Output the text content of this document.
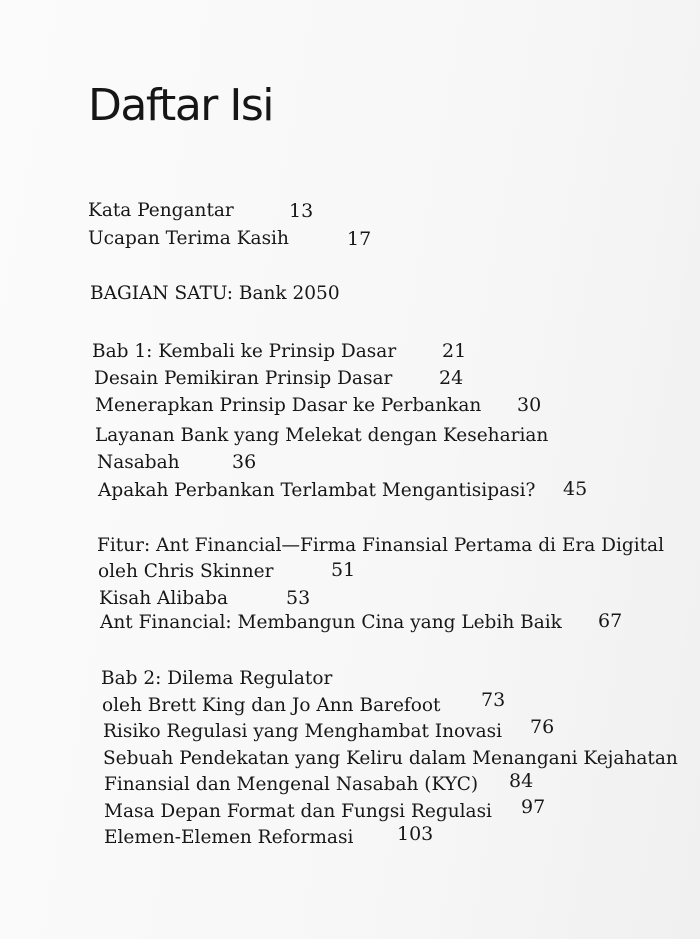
Daftar Isi
Kata Pengantar	13
Ucapan Terima Kasih	17
BAGIAN SATU: Bank 2050
Bab 1: Kembali ke Prinsip Dasar 21
Desain Pemikiran Prinsip Dasar 24
Menerapkan Prinsip Dasar ke Perbankan 30
Layanan Bank yang Melekat dengan Keseharian
Nasabah	36
Apakah Perbankan Terlambat Mengantisipasi? 45
Fitur: Ant Financial—Firma Finansial Pertama di Era Digital
oleh Chris Skinner	51
Kisah Alibaba	53
Ant Financial: Membangun Cina yang Lebih Baik 67
Bab 2: Dilema Regulator
oleh Brett King dan Jo Ann Barefoot 73
Risiko Regulasi yang Menghambat Inovasi 76
Sebuah Pendekatan yang Keliru dalam Menangani Kejahatan
Finansial dan Mengenal Nasabah (KYC) 84
Masa Depan Format dan Fungsi Regulasi 97
Elemen-Elemen Reformasi 103
